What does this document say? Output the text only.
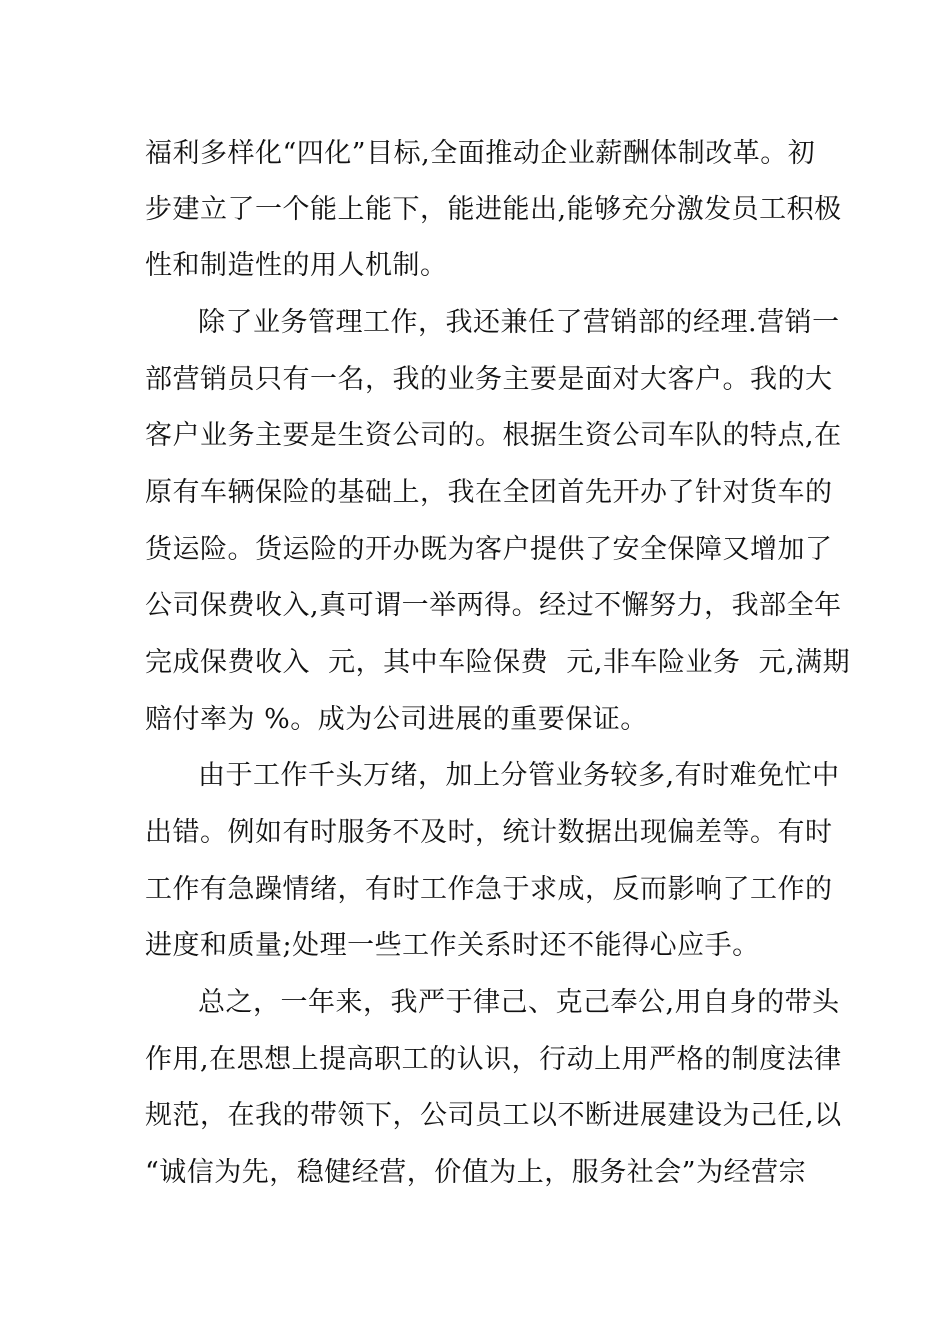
福利多样化“四化”目标,全面推动企业薪酬体制改革。初
步建立了一个能上能下，能进能出,能够充分激发员工积极
性和制造性的用人机制。
除了业务管理工作，我还兼任了营销部的经理.营销一
部营销员只有一名，我的业务主要是面对大客户。我的大
客户业务主要是生资公司的。根据生资公司车队的特点,在
原有车辆保险的基础上，我在全团首先开办了针对货车的
货运险。货运险的开办既为客户提供了安全保障又增加了
公司保费收入,真可谓一举两得。经过不懈努力，我部全年
完成保费收入  元，其中车险保费  元,非车险业务  元,满期
赔付率为 %。成为公司进展的重要保证。
由于工作千头万绪，加上分管业务较多,有时难免忙中
出错。例如有时服务不及时，统计数据出现偏差等。有时
工作有急躁情绪，有时工作急于求成，反而影响了工作的
进度和质量;处理一些工作关系时还不能得心应手。
总之，一年来，我严于律己、克己奉公,用自身的带头
作用,在思想上提高职工的认识，行动上用严格的制度法律
规范，在我的带领下，公司员工以不断进展建设为己任,以
“诚信为先，稳健经营，价值为上，服务社会”为经营宗
